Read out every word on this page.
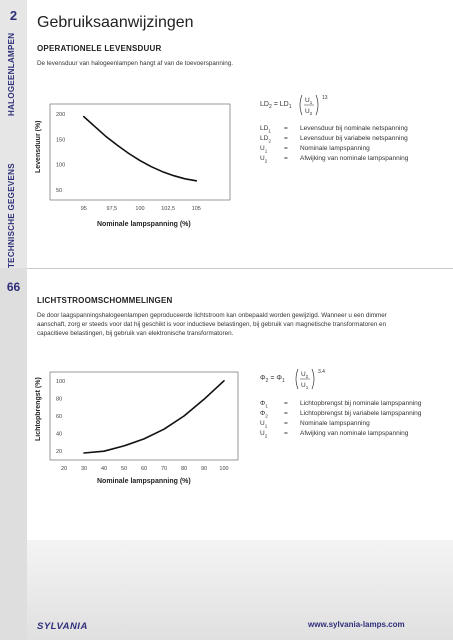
2
HALOGEENLAMPEN
TECHNISCHE GEGEVENS
66
Gebruiksaanwijzingen
OPERATIONELE LEVENSDUUR
De levensduur van halogeenlampen hangt af van de toevoerspanning.
Levensduur (%)
95	97,5	100	102,5	105
200
150
100
50
Nominale lampspanning (%)
$LD_2 = LD_1$
$U_1$
$U_2$
13
$LD_1$ = Levensduur bij nominale netspanning
$LD_2$ = Levensduur bij variabele netspanning
$U_1$	= Nominale lampspanning
$U_2$	= Afwijking van nominale lampspanning
LICHTSTROOMSCHOMMELINGEN
De door laagspanningshalogeenlampen geproduceerde lichtstroom kan onbepaald worden gewijzigd. Wanneer u een dimmer aanschaft, zorg er steeds voor dat hij geschikt is voor inductieve belastingen, bij gebruik van magnetische transformatoren en capacitieve belastingen, bij gebruik van elektronische transformatoren.
Lichtopbrengst (%)
20	30	40	50	60	70	80	90 100
100
80
60
40
20
Nominale lampspanning (%)
$\Phi_2 = \Phi_1$
$U_2$
$U_1$
3.4
$\Phi_1$	= Lichtopbrengst bij nominale lampspanning
$\Phi_2$	= Lichtopbrengst bij variabele lampspanning
$U_1$	= Nominale lampspanning
$U_2$	= Afwijking van nominale lampspanning
SYLVANIA	www.sylvania-lamps.com
